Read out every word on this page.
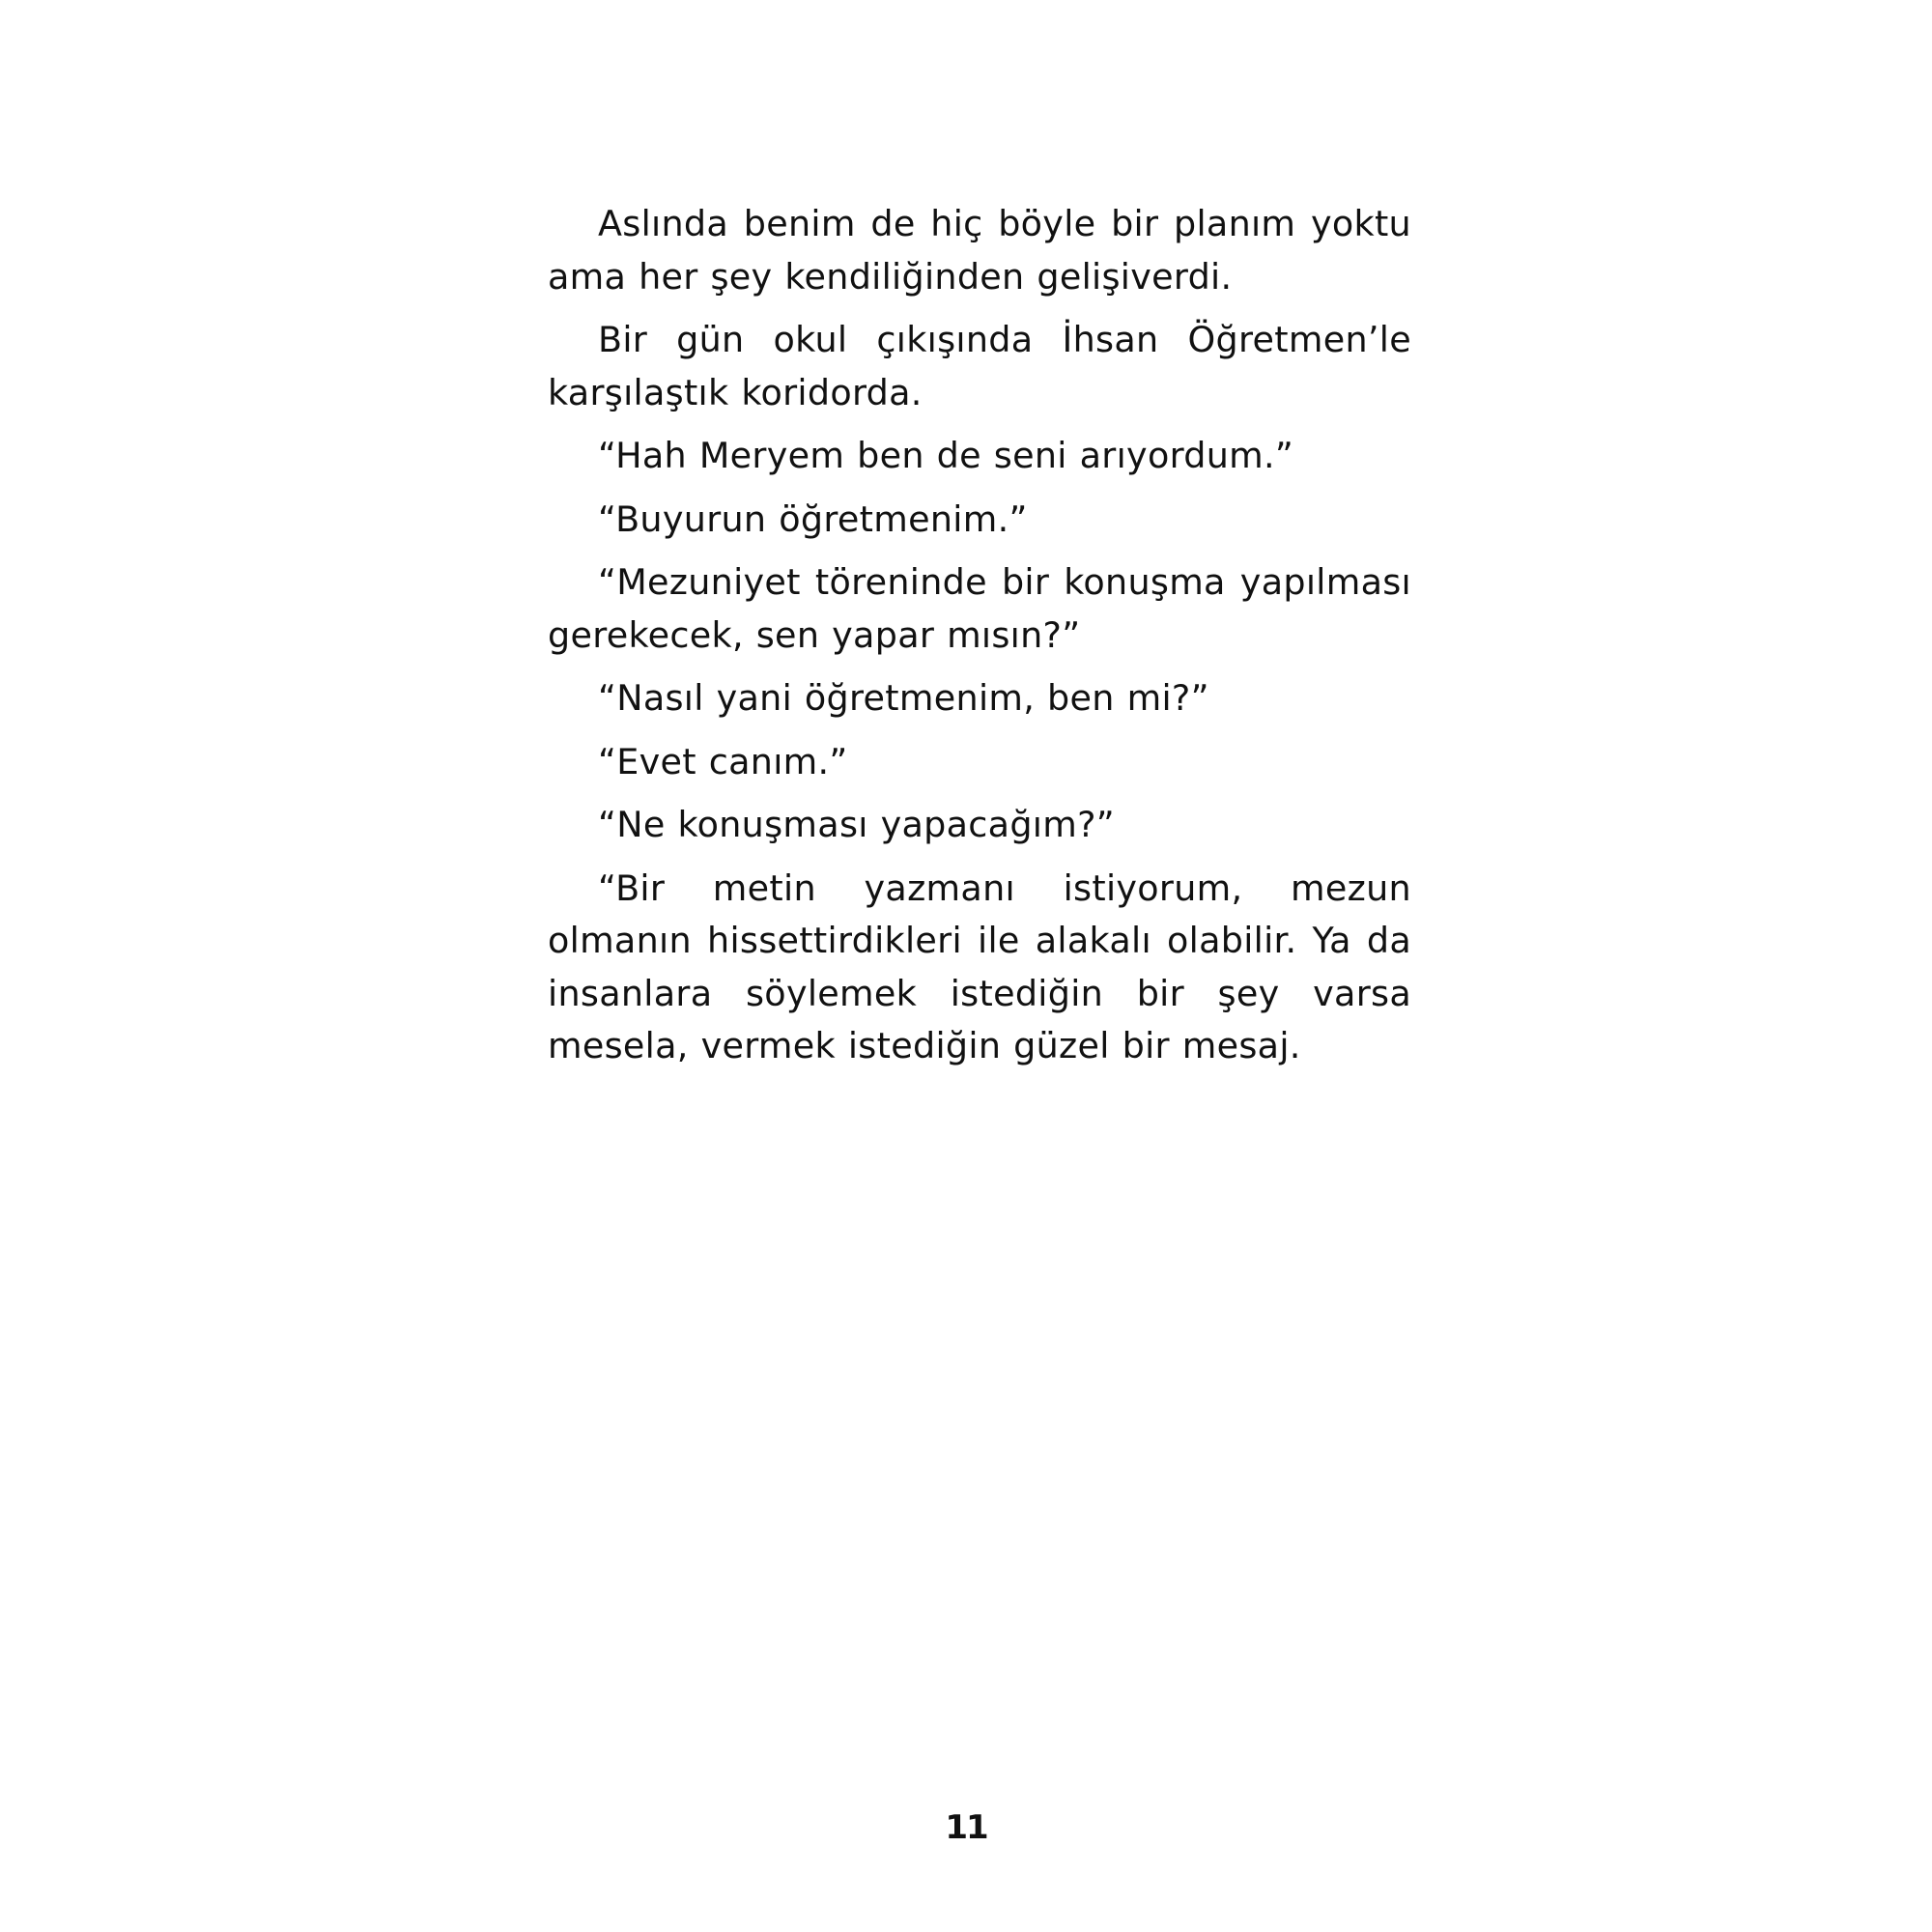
Aslında benim de hiç böyle bir planım yoktu ama her şey kendiliğinden gelişiverdi.

Bir gün okul çıkışında İhsan Öğretmen’le karşılaştık koridorda.

“Hah Meryem ben de seni arıyordum.”

“Buyurun öğretmenim.”

“Mezuniyet töreninde bir konuşma yapılması gerekecek, sen yapar mısın?”

“Nasıl yani öğretmenim, ben mi?”

“Evet canım.”

“Ne konuşması yapacağım?”

“Bir metin yazmanı istiyorum, mezun olmanın hissettirdikleri ile alakalı olabilir. Ya da insanlara söylemek istediğin bir şey varsa mesela, vermek istediğin güzel bir mesaj.

11
